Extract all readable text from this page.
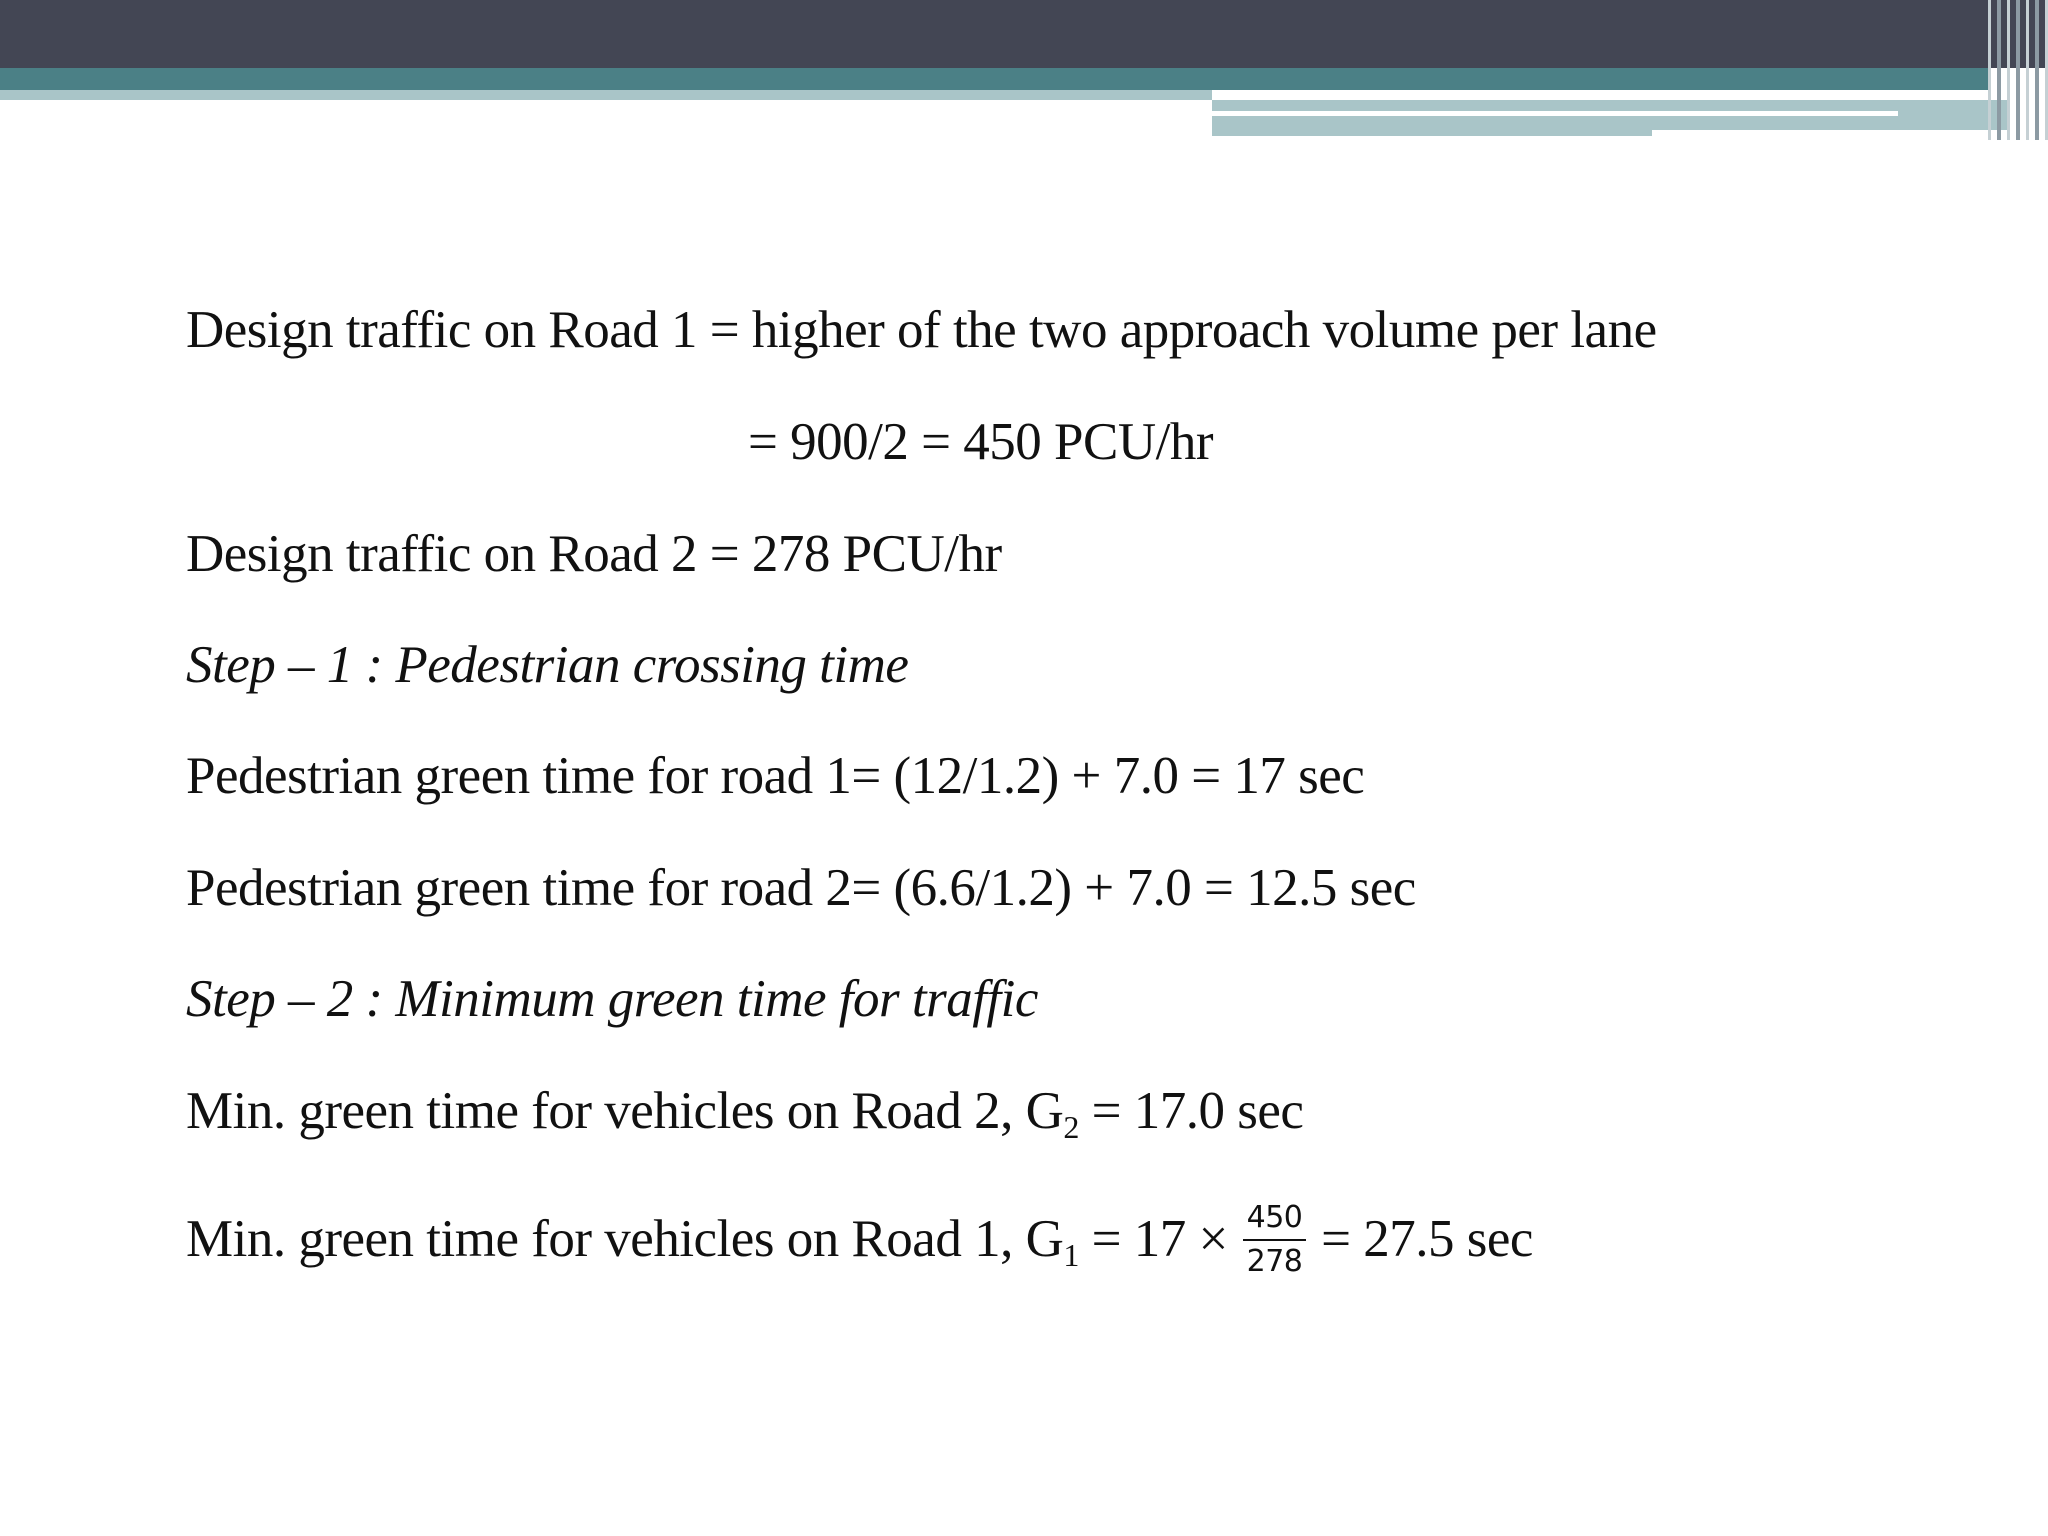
Design traffic on Road 1 = higher of the two approach volume per lane
= 900/2 = 450 PCU/hr
Design traffic on Road 2 = 278 PCU/hr
Step – 1 : Pedestrian crossing time
Pedestrian green time for road 1= (12/1.2) + 7.0 = 17 sec
Pedestrian green time for road 2= (6.6/1.2) + 7.0 = 12.5 sec
Step – 2 : Minimum green time for traffic
Min. green time for vehicles on Road 2, $G_2 = 17.0$ sec
Min. green time for vehicles on Road 1, $G_1 = 17 \times \frac{450}{278} = 27.5$ sec
